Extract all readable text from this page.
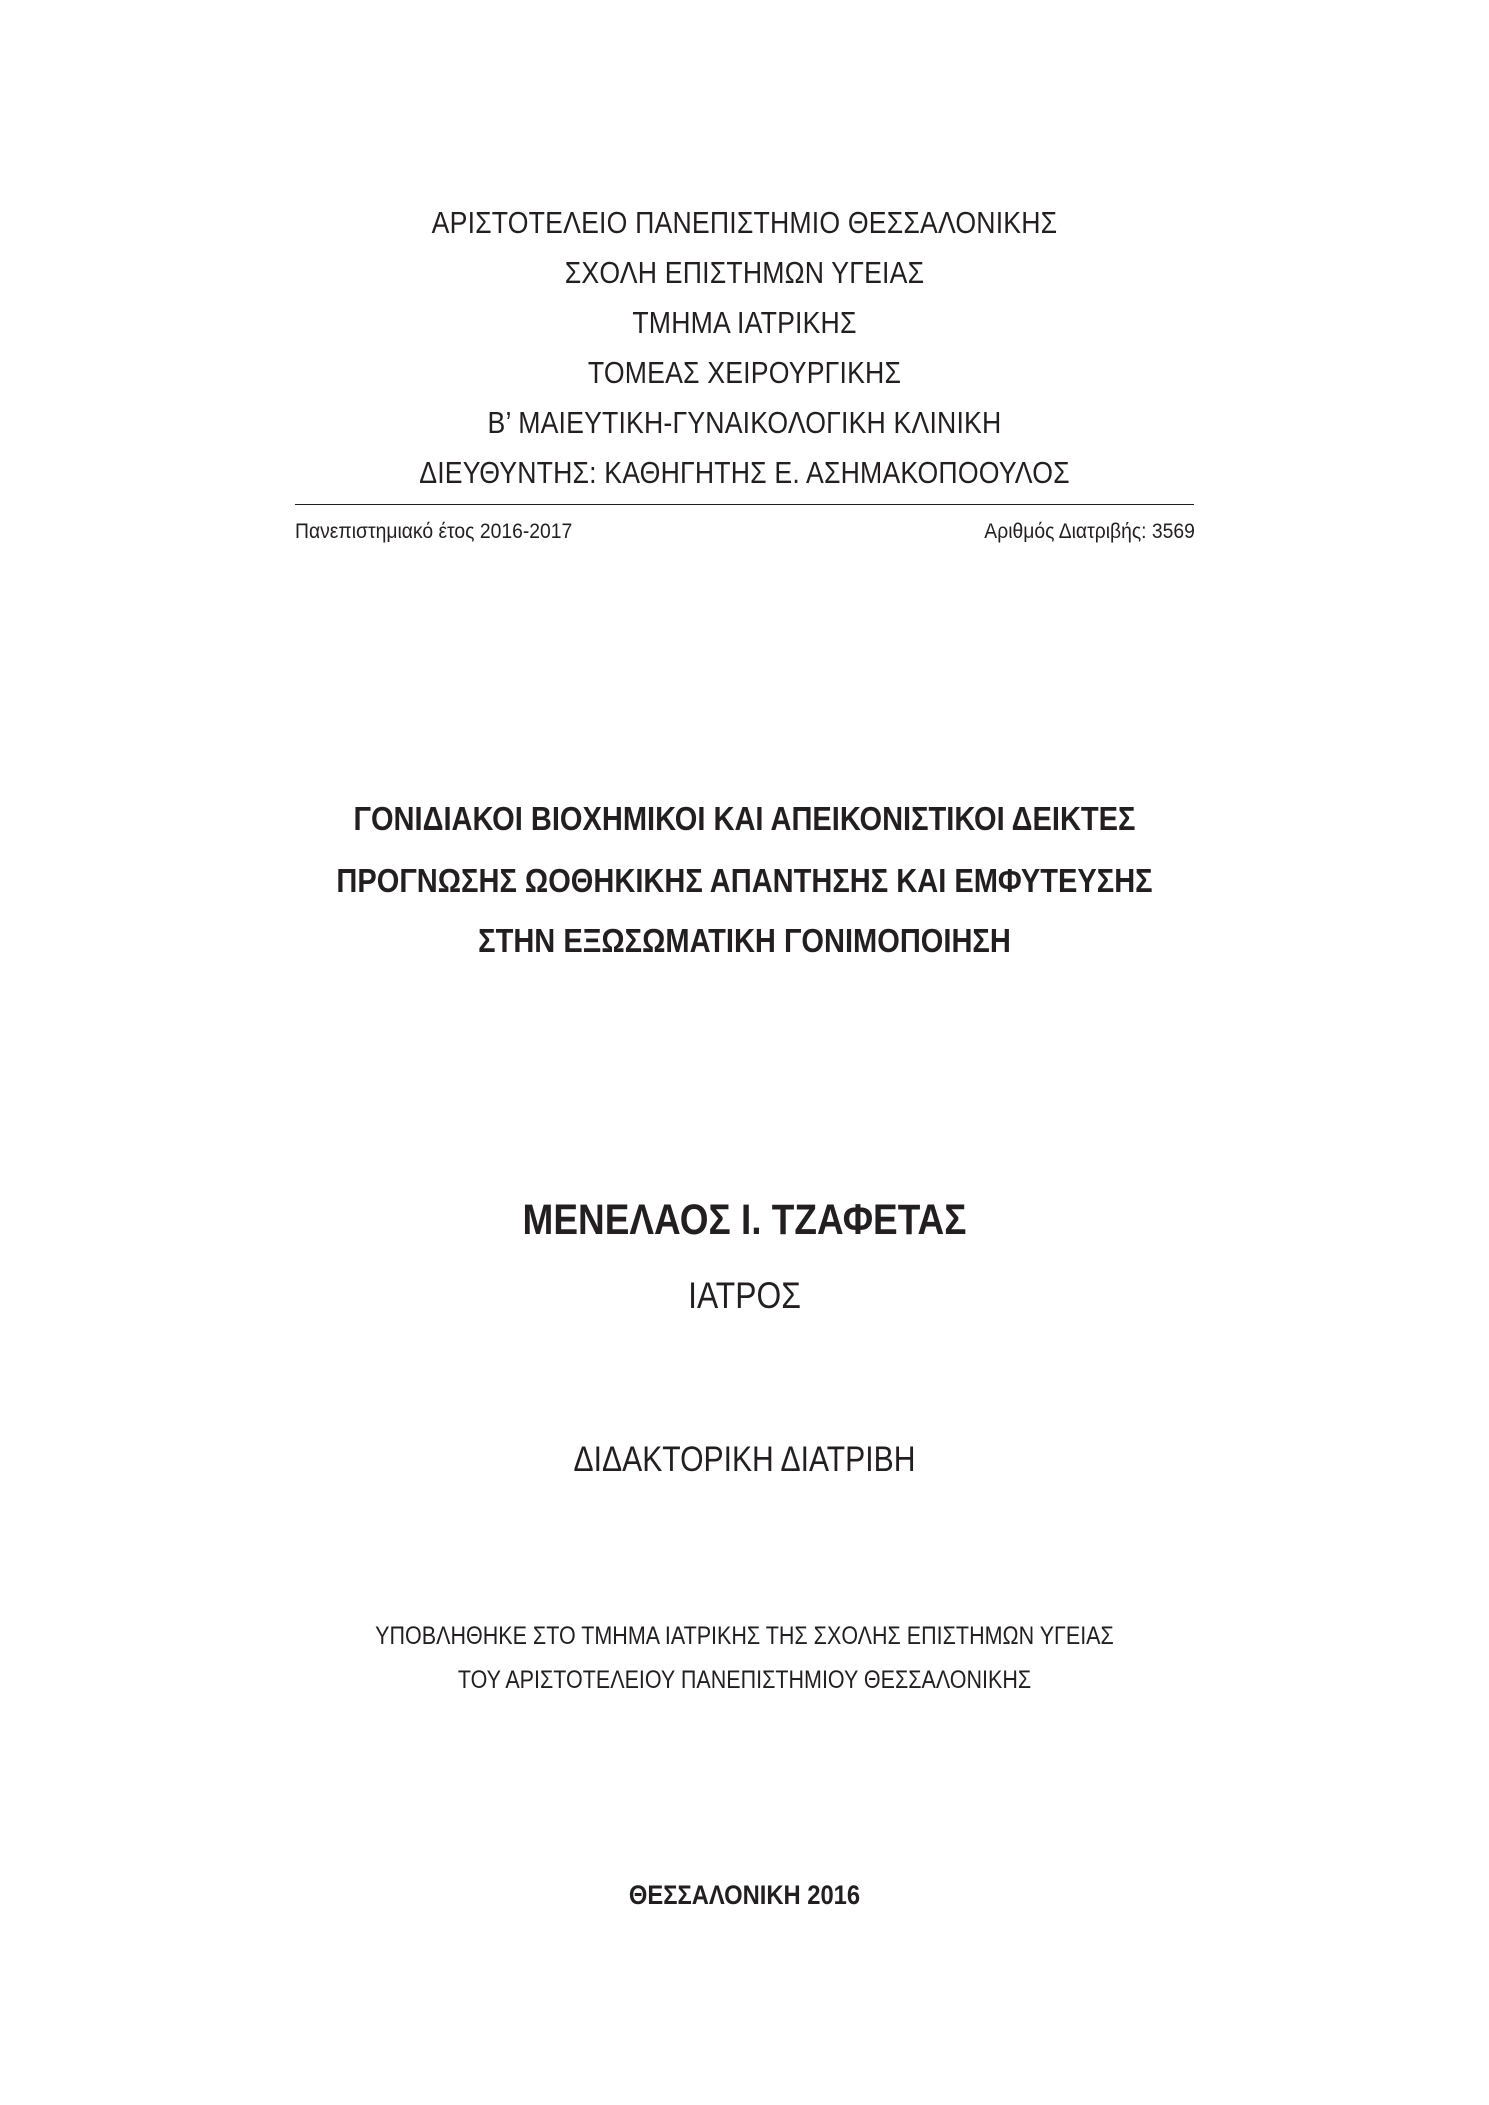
ΑΡΙΣΤΟΤΕΛΕΙΟ ΠΑΝΕΠΙΣΤΗΜΙΟ ΘΕΣΣΑΛΟΝΙΚΗΣ
ΣΧΟΛΗ ΕΠΙΣΤΗΜΩΝ ΥΓΕΙΑΣ
ΤΜΗΜΑ ΙΑΤΡΙΚΗΣ
ΤΟΜΕΑΣ ΧΕΙΡΟΥΡΓΙΚΗΣ
Β’ ΜΑΙΕΥΤΙΚΗ-ΓΥΝΑΙΚΟΛΟΓΙΚΗ ΚΛΙΝΙΚΗ
ΔΙΕΥΘΥΝΤΗΣ: ΚΑΘΗΓΗΤΗΣ Ε. ΑΣΗΜΑΚΟΠΟΟΥΛΟΣ
Πανεπιστημιακό έτος 2016-2017	Αριθμός Διατριβής: 3569
ΓΟΝΙΔΙΑΚΟΙ ΒΙΟΧΗΜΙΚΟΙ ΚΑΙ ΑΠΕΙΚΟΝΙΣΤΙΚΟΙ ΔΕΙΚΤΕΣ
ΠΡΟΓΝΩΣΗΣ ΩΟΘΗΚΙΚΗΣ ΑΠΑΝΤΗΣΗΣ ΚΑΙ ΕΜΦΥΤΕΥΣΗΣ
ΣΤΗΝ ΕΞΩΣΩΜΑΤΙΚΗ ΓΟΝΙΜΟΠΟΙΗΣΗ
ΜΕΝΕΛΑΟΣ Ι. ΤΖΑΦΕΤΑΣ
ΙΑΤΡΟΣ
ΔΙΔΑΚΤΟΡΙΚΗ ΔΙΑΤΡΙΒΗ
ΥΠΟΒΛΗΘΗΚΕ ΣΤΟ ΤΜΗΜΑ ΙΑΤΡΙΚΗΣ ΤΗΣ ΣΧΟΛΗΣ ΕΠΙΣΤΗΜΩΝ ΥΓΕΙΑΣ
ΤΟΥ ΑΡΙΣΤΟΤΕΛΕΙΟΥ ΠΑΝΕΠΙΣΤΗΜΙΟΥ ΘΕΣΣΑΛΟΝΙΚΗΣ
ΘΕΣΣΑΛΟΝΙΚΗ 2016
